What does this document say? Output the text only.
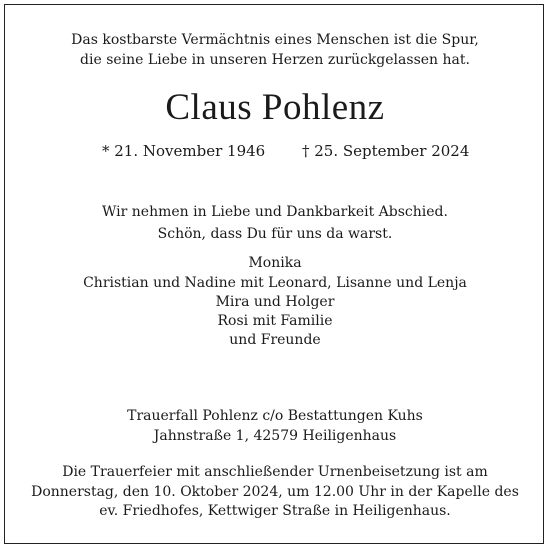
Das kostbarste Vermächtnis eines Menschen ist die Spur,
die seine Liebe in unseren Herzen zurückgelassen hat.
Claus Pohlenz
* 21. November 1946 † 25. September 2024
Wir nehmen in Liebe und Dankbarkeit Abschied.
Schön, dass Du für uns da warst.
Monika
Christian und Nadine mit Leonard, Lisanne und Lenja
Mira und Holger
Rosi mit Familie
und Freunde
Trauerfall Pohlenz c/o Bestattungen Kuhs
Jahnstraße 1, 42579 Heiligenhaus
Die Trauerfeier mit anschließender Urnenbeisetzung ist am
Donnerstag, den 10. Oktober 2024, um 12.00 Uhr in der Kapelle des
ev. Friedhofes, Kettwiger Straße in Heiligenhaus.
